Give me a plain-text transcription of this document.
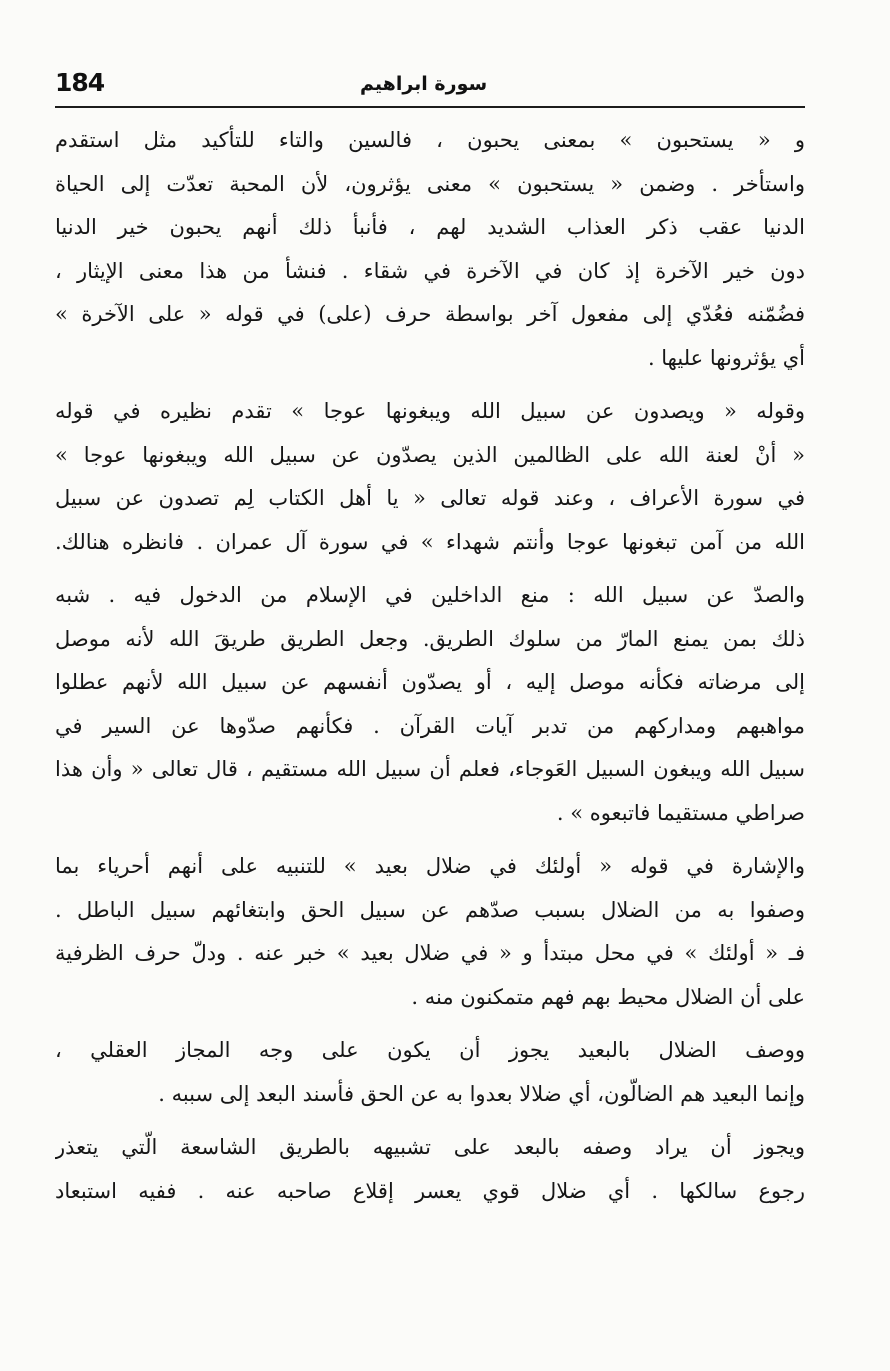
184	سورة ابراهيم
و « يستحبون » بمعنى يحبون ، فالسين والتاء للتأكيد مثل استقدم
واستأخر . وضمن « يستحبون » معنى يؤثرون، لأن المحبة تعدّت إلى الحياة
الدنيا عقب ذكر العذاب الشديد لهم ، فأنبأ ذلك أنهم يحبون خير الدنيا
دون خير الآخرة إذ كان في الآخرة في شقاء . فنشأ من هذا معنى الإيثار ،
فضُمّنه فعُدّي إلى مفعول آخر بواسطة حرف (على) في قوله « على الآخرة »
أي يؤثرونها عليها .
وقوله « ويصدون عن سبيل الله ويبغونها عوجا » تقدم نظيره في قوله
« أنْ لعنة الله على الظالمين الذين يصدّون عن سبيل الله ويبغونها عوجا »
في سورة الأعراف ، وعند قوله تعالى « يا أهل الكتاب لِم تصدون عن سبيل
الله من آمن تبغونها عوجا وأنتم شهداء » في سورة آل عمران . فانظره هنالك.
والصدّ عن سبيل الله : منع الداخلين في الإسلام من الدخول فيه . شبه
ذلك بمن يمنع المارّ من سلوك الطريق. وجعل الطريق طريقَ الله لأنه موصل
إلى مرضاته فكأنه موصل إليه ، أو يصدّون أنفسهم عن سبيل الله لأنهم عطلوا
مواهبهم ومداركهم من تدبر آيات القرآن . فكأنهم صدّوها عن السير في
سبيل الله ويبغون السبيل العَوجاء، فعلم أن سبيل الله مستقيم ، قال تعالى « وأن هذا
صراطي مستقيما فاتبعوه » .
والإشارة في قوله « أولئك في ضلال بعيد » للتنبيه على أنهم أحرياء بما
وصفوا به من الضلال بسبب صدّهم عن سبيل الحق وابتغائهم سبيل الباطل .
فـ « أولئك » في محل مبتدأ و « في ضلال بعيد » خبر عنه . ودلّ حرف الظرفية
على أن الضلال محيط بهم فهم متمكنون منه .
ووصف الضلال بالبعيد يجوز أن يكون على وجه المجاز العقلي ،
وإنما البعيد هم الضالّون، أي ضلالا بعدوا به عن الحق فأسند البعد إلى سببه .
ويجوز أن يراد وصفه بالبعد على تشبيهه بالطريق الشاسعة الّتي يتعذر
رجوع سالكها . أي ضلال قوي يعسر إقلاع صاحبه عنه . ففيه استبعاد
